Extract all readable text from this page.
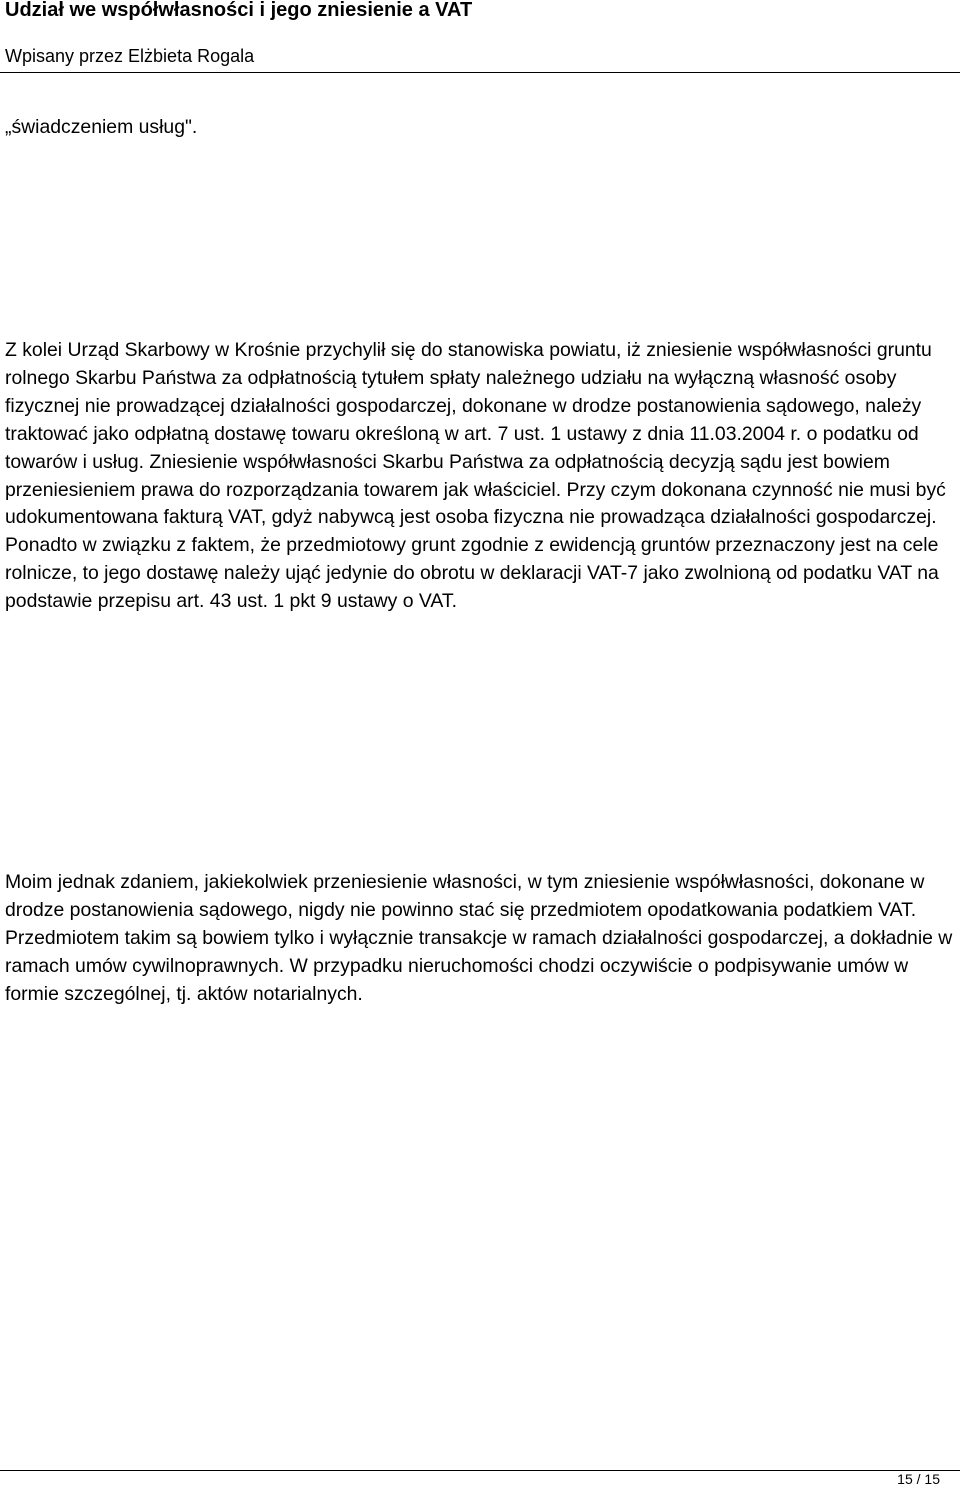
Udział we współwłasności i jego zniesienie a VAT
Wpisany przez Elżbieta Rogala

„świadczeniem usług".

Z kolei Urząd Skarbowy w Krośnie przychylił się do stanowiska powiatu, iż zniesienie współwłasności gruntu rolnego Skarbu Państwa za odpłatnością tytułem spłaty należnego udziału na wyłączną własność osoby fizycznej nie prowadzącej działalności gospodarczej, dokonane w drodze postanowienia sądowego, należy traktować jako odpłatną dostawę towaru określoną w art. 7 ust. 1 ustawy z dnia 11.03.2004 r. o podatku od towarów i usług. Zniesienie współwłasności Skarbu Państwa za odpłatnością decyzją sądu jest bowiem przeniesieniem prawa do rozporządzania towarem jak właściciel. Przy czym dokonana czynność nie musi być udokumentowana fakturą VAT, gdyż nabywcą jest osoba fizyczna nie prowadząca działalności gospodarczej. Ponadto w związku z faktem, że przedmiotowy grunt zgodnie z ewidencją gruntów przeznaczony jest na cele rolnicze, to jego dostawę należy ująć jedynie do obrotu w deklaracji VAT-7 jako zwolnioną od podatku VAT na podstawie przepisu art. 43 ust. 1 pkt 9 ustawy o VAT.

Moim jednak zdaniem, jakiekolwiek przeniesienie własności, w tym zniesienie współwłasności, dokonane w drodze postanowienia sądowego, nigdy nie powinno stać się przedmiotem opodatkowania podatkiem VAT. Przedmiotem takim są bowiem tylko i wyłącznie transakcje w ramach działalności gospodarczej, a dokładnie w ramach umów cywilnoprawnych. W przypadku nieruchomości chodzi oczywiście o podpisywanie umów w formie szczególnej, tj. aktów notarialnych.

15 / 15
